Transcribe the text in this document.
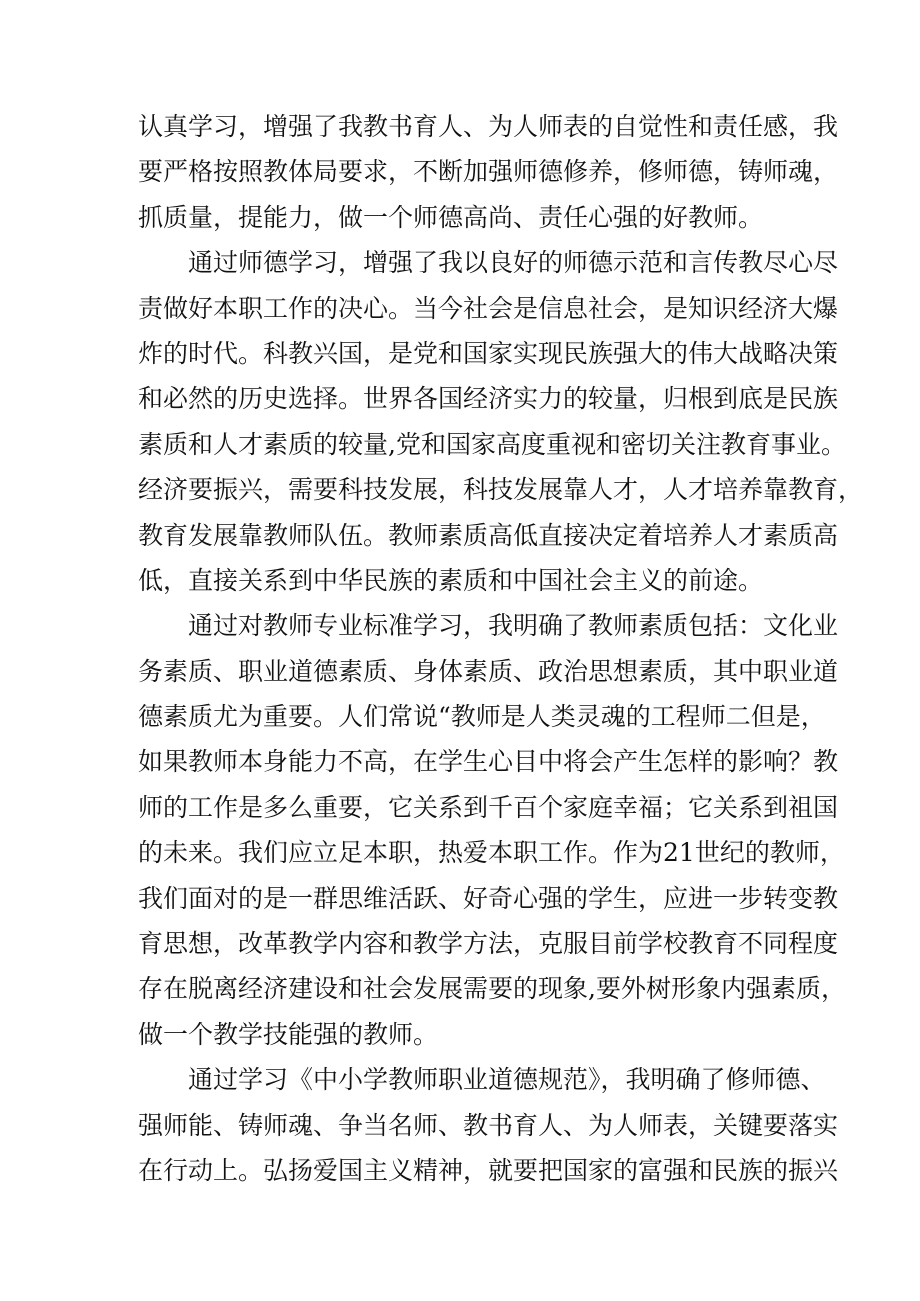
认真学习，增强了我教书育人、为人师表的自觉性和责任感，我
要严格按照教体局要求，不断加强师德修养，修师德，铸师魂，
抓质量，提能力，做一个师德高尚、责任心强的好教师。
通过师德学习，增强了我以良好的师德示范和言传教尽心尽
责做好本职工作的决心。当今社会是信息社会，是知识经济大爆
炸的时代。科教兴国，是党和国家实现民族强大的伟大战略决策
和必然的历史选择。世界各国经济实力的较量，归根到底是民族
素质和人才素质的较量,党和国家高度重视和密切关注教育事业。
经济要振兴，需要科技发展，科技发展靠人才，人才培养靠教育，
教育发展靠教师队伍。教师素质高低直接决定着培养人才素质高
低，直接关系到中华民族的素质和中国社会主义的前途。
通过对教师专业标准学习，我明确了教师素质包括：文化业
务素质、职业道德素质、身体素质、政治思想素质，其中职业道
德素质尤为重要。人们常说“教师是人类灵魂的工程师二但是，
如果教师本身能力不高，在学生心目中将会产生怎样的影响？教
师的工作是多么重要，它关系到千百个家庭幸福；它关系到祖国
的未来。我们应立足本职，热爱本职工作。作为21世纪的教师，
我们面对的是一群思维活跃、好奇心强的学生，应进一步转变教
育思想，改革教学内容和教学方法，克服目前学校教育不同程度
存在脱离经济建设和社会发展需要的现象,要外树形象内强素质，
做一个教学技能强的教师。
通过学习《中小学教师职业道德规范》，我明确了修师德、
强师能、铸师魂、争当名师、教书育人、为人师表，关键要落实
在行动上。弘扬爱国主义精神，就要把国家的富强和民族的振兴
